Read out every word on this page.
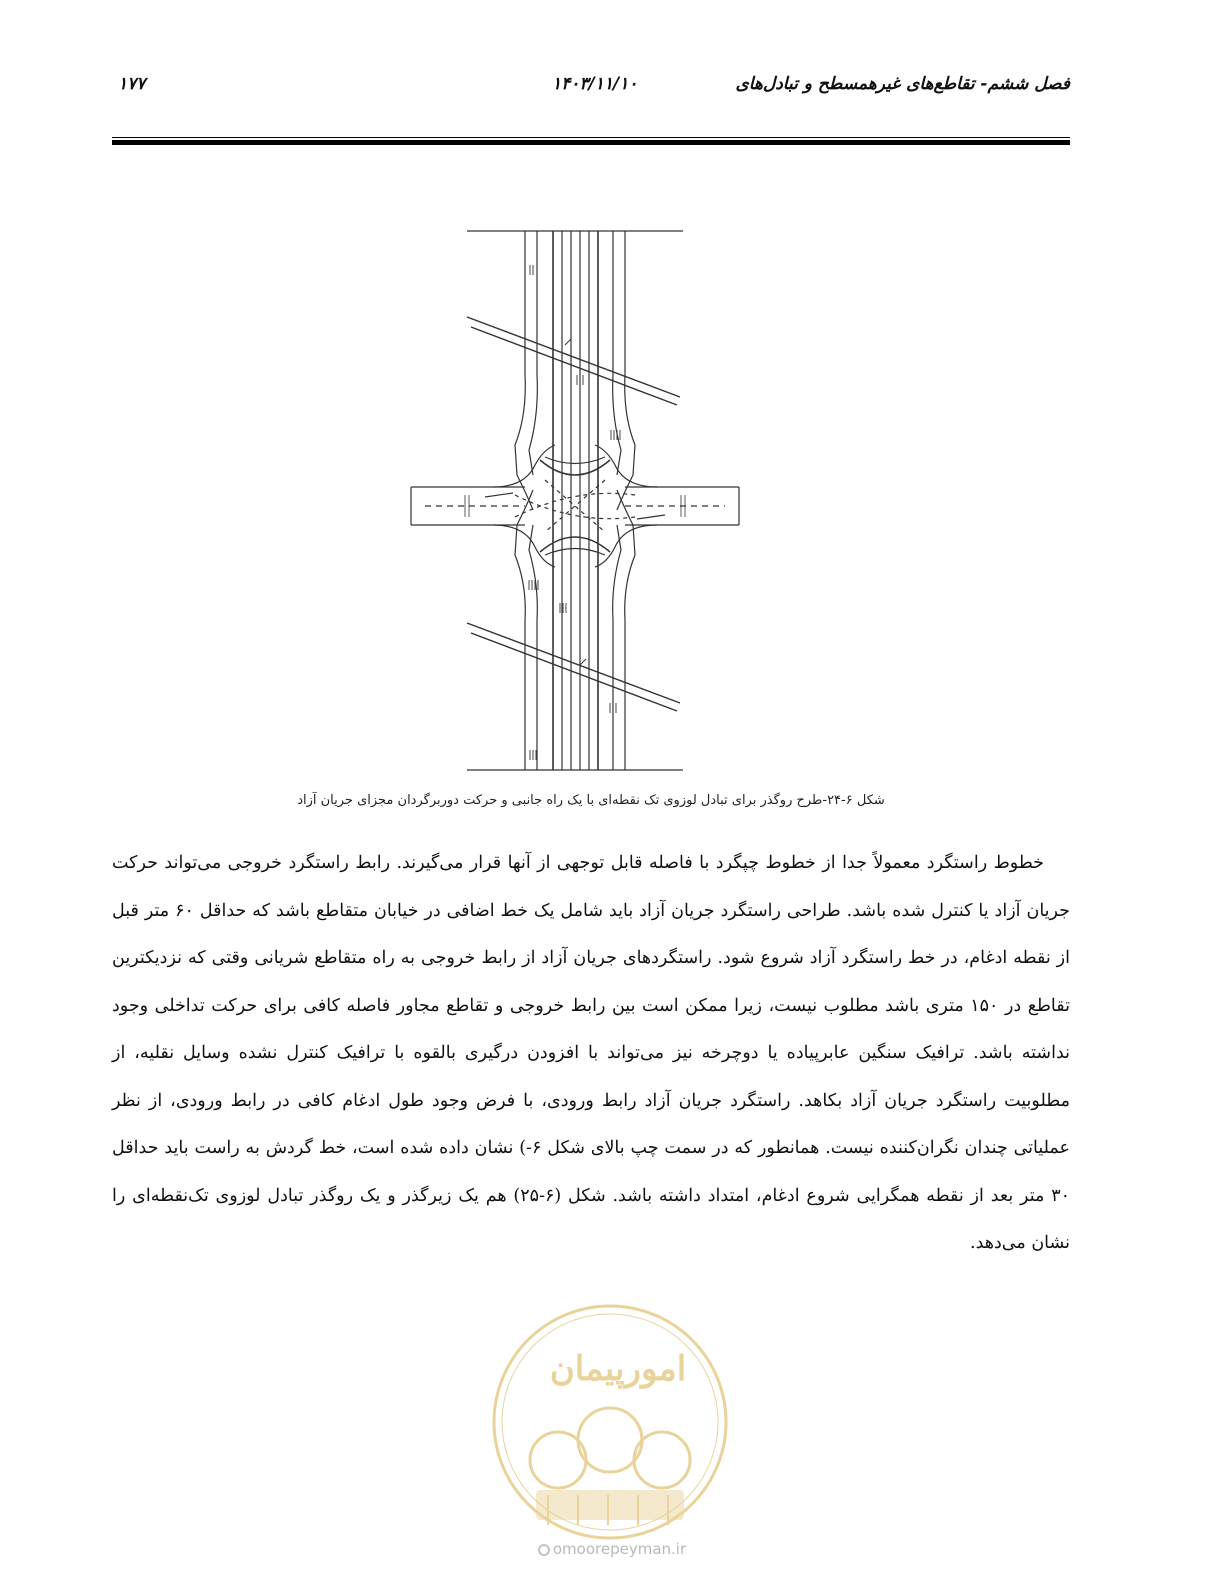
فصل ششم- تقاطع‌های غیرهمسطح و تبادل‌های
۱۴۰۳/۱۱/۱۰
۱۷۷
شکل ۶-۲۴-طرح روگذر برای تبادل لوزوی تک نقطه‌ای با یک راه جانبی و حرکت دوربرگردان مجزای جریان آزاد

خطوط راستگرد معمولاً جدا از خطوط چپگرد با فاصله قابل توجهی از آنها قرار می‌گیرند. رابط راستگرد خروجی می‌تواند حرکت جریان آزاد یا کنترل شده باشد. طراحی راستگرد جریان آزاد باید شامل یک خط اضافی در خیابان متقاطع باشد که حداقل ۶۰ متر قبل از نقطه ادغام، در خط راستگرد آزاد شروع شود. راستگردهای جریان آزاد از رابط خروجی به راه متقاطع شریانی وقتی که نزدیکترین تقاطع در ۱۵۰ متری باشد مطلوب نیست، زیرا ممکن است بین رابط خروجی و تقاطع مجاور فاصله کافی برای حرکت تداخلی وجود نداشته باشد. ترافیک سنگین عابرپیاده یا دوچرخه نیز می‌تواند با افزودن درگیری بالقوه با ترافیک کنترل نشده وسایل نقلیه، از مطلوبیت راستگرد جریان آزاد بکاهد. راستگرد جریان آزاد رابط ورودی، با فرض وجود طول ادغام کافی در رابط ورودی، از نظر عملیاتی چندان نگران‌کننده نیست. همانطور که در سمت چپ بالای شکل ۶-) نشان داده شده است، خط گردش به راست باید حداقل ۳۰ متر بعد از نقطه همگرایی شروع ادغام، امتداد داشته باشد. شکل (۶-۲۵) هم یک زیرگذر و یک روگذر تبادل لوزوی تک‌نقطه‌ای را نشان می‌دهد.

امورپیمان
omoorepeyman.ir
